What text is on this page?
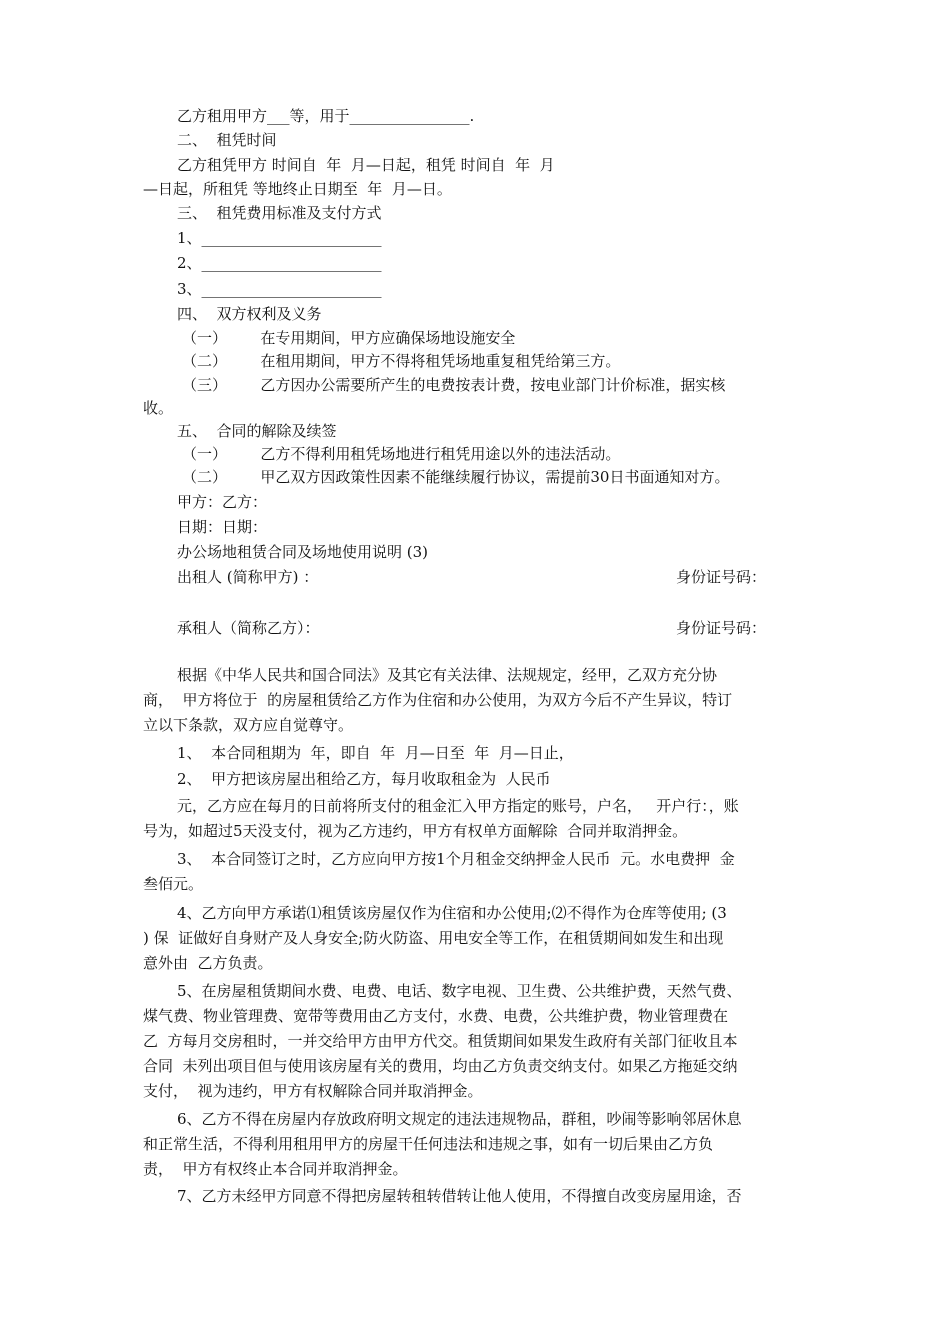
乙方租用甲方___等，用于________________.
二、  租凭时间
乙方租凭甲方 时间自  年  月—日起，租凭 时间自  年  月
—日起，所租凭 等地终止日期至  年  月—日。
三、  租凭费用标准及支付方式
1、________________________
2、________________________
3、________________________
四、  双方权利及义务
（一）       在专用期间，甲方应确保场地设施安全
（二）       在租用期间，甲方不得将租凭场地重复租凭给第三方。
（三）       乙方因办公需要所产生的电费按表计费，按电业部门计价标准，据实核
收。
五、  合同的解除及续签
（一）       乙方不得利用租凭场地进行租凭用途以外的违法活动。
（二）       甲乙双方因政策性因素不能继续履行协议，需提前30日书面通知对方。
甲方：乙方：
日期：日期：
办公场地租赁合同及场地使用说明 (3)
出租人 (简称甲方) ：	身份证号码：
承租人（简称乙方）：	身份证号码：
根据《中华人民共和国合同法》及其它有关法律、法规规定，经甲，乙双方充分协
商，  甲方将位于  的房屋租赁给乙方作为住宿和办公使用，为双方今后不产生异议，特订
立以下条款，双方应自觉尊守。
1、  本合同租期为  年，即自  年  月—日至  年  月—日止，
2、  甲方把该房屋出租给乙方，每月收取租金为  人民币
元，乙方应在每月的日前将所支付的租金汇入甲方指定的账号，户名，   开户行：，账
号为，如超过5天没支付，视为乙方违约，甲方有权单方面解除  合同并取消押金。
3、  本合同签订之时，乙方应向甲方按1个月租金交纳押金人民币  元。水电费押  金
叁佰元。
4、乙方向甲方承诺⑴租赁该房屋仅作为住宿和办公使用;⑵不得作为仓库等使用; (3
) 保  证做好自身财产及人身安全;防火防盗、用电安全等工作，在租赁期间如发生和出现
意外由  乙方负责。
5、在房屋租赁期间水费、电费、电话、数字电视、卫生费、公共维护费，天然气费、
煤气费、物业管理费、宽带等费用由乙方支付，水费、电费，公共维护费，物业管理费在
乙  方每月交房租时，一并交给甲方由甲方代交。租赁期间如果发生政府有关部门征收且本
合同  未列出项目但与使用该房屋有关的费用，均由乙方负责交纳支付。如果乙方拖延交纳
支付，  视为违约，甲方有权解除合同并取消押金。
6、乙方不得在房屋内存放政府明文规定的违法违规物品，群租，吵闹等影响邻居休息
和正常生活，不得利用租用甲方的房屋干任何违法和违规之事，如有一切后果由乙方负
责，  甲方有权终止本合同并取消押金。
7、乙方未经甲方同意不得把房屋转租转借转让他人使用，不得擅自改变房屋用途，否
